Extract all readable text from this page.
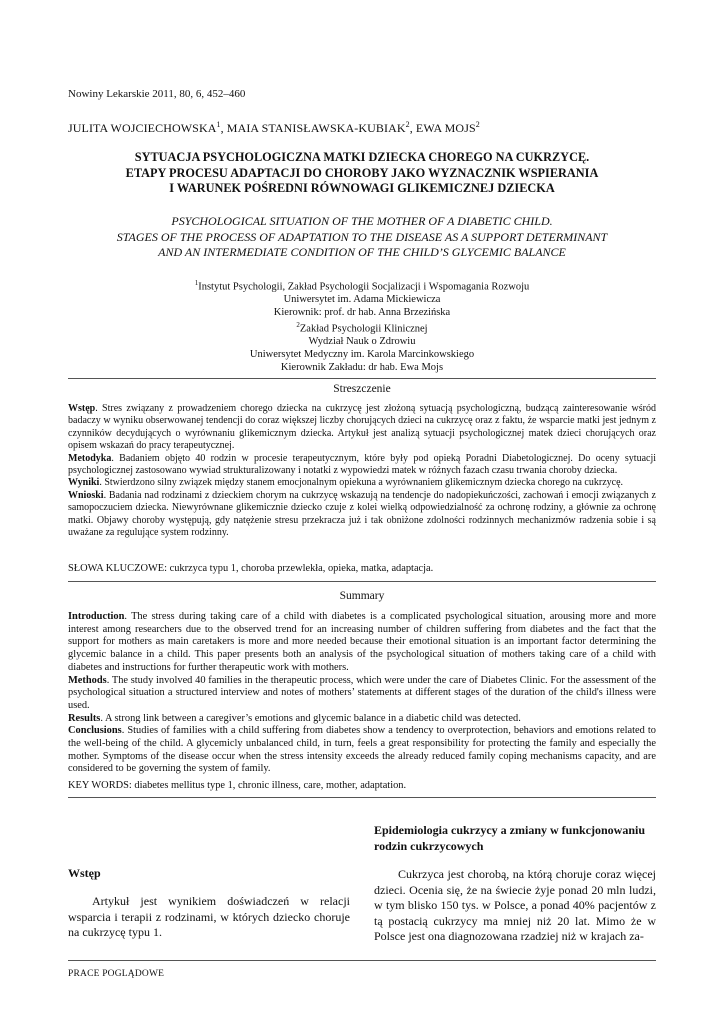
Nowiny Lekarskie 2011, 80, 6, 452–460
JULITA WOJCIECHOWSKA$^1$, MAIA STANISŁAWSKA-KUBIAK$^2$, EWA MOJS$^2$
SYTUACJA PSYCHOLOGICZNA MATKI DZIECKA CHOREGO NA CUKRZYCĘ.
ETAPY PROCESU ADAPTACJI DO CHOROBY JAKO WYZNACZNIK WSPIERANIA
I WARUNEK POŚREDNI RÓWNOWAGI GLIKEMICZNEJ DZIECKA
PSYCHOLOGICAL SITUATION OF THE MOTHER OF A DIABETIC CHILD.
STAGES OF THE PROCESS OF ADAPTATION TO THE DISEASE AS A SUPPORT DETERMINANT
AND AN INTERMEDIATE CONDITION OF THE CHILD’S GLYCEMIC BALANCE
$^1$Instytut Psychologii, Zakład Psychologii Socjalizacji i Wspomagania Rozwoju
Uniwersytet im. Adama Mickiewicza
Kierownik: prof. dr hab. Anna Brzezińska
$^2$Zakład Psychologii Klinicznej
Wydział Nauk o Zdrowiu
Uniwersytet Medyczny im. Karola Marcinkowskiego
Kierownik Zakładu: dr hab. Ewa Mojs
Streszczenie

Wstęp. Stres związany z prowadzeniem chorego dziecka na cukrzycę jest złożoną sytuacją psychologiczną, budzącą zainteresowanie wśród badaczy w wyniku obserwowanej tendencji do coraz większej liczby chorujących dzieci na cukrzycę oraz z faktu, że wsparcie matki jest jednym z czynników decydujących o wyrównaniu glikemicznym dziecka. Artykuł jest analizą sytuacji psychologicznej matek dzieci chorujących oraz opisem wskazań do pracy terapeutycznej.

Metodyka. Badaniem objęto 40 rodzin w procesie terapeutycznym, które były pod opieką Poradni Diabetologicznej. Do oceny sytuacji psychologicznej zastosowano wywiad strukturalizowany i notatki z wypowiedzi matek w różnych fazach czasu trwania choroby dziecka.

Wyniki. Stwierdzono silny związek między stanem emocjonalnym opiekuna a wyrównaniem glikemicznym dziecka chorego na cukrzycę.

Wnioski. Badania nad rodzinami z dzieckiem chorym na cukrzycę wskazują na tendencje do nadopiekuńczości, zachowań i emocji związanych z samopoczuciem dziecka. Niewyrównane glikemicznie dziecko czuje z kolei wielką odpowiedzialność za ochronę rodziny, a głównie za ochronę matki. Objawy choroby występują, gdy natężenie stresu przekracza już i tak obniżone zdolności rodzinnych mechanizmów radzenia sobie i są uważane za regulujące system rodzinny.

SŁOWA KLUCZOWE: cukrzyca typu 1, choroba przewlekła, opieka, matka, adaptacja.
Summary

Introduction. The stress during taking care of a child with diabetes is a complicated psychological situation, arousing more and more interest among researchers due to the observed trend for an increasing number of children suffering from diabetes and the fact that the support for mothers as main caretakers is more and more needed because their emotional situation is an important factor determining the glycemic balance in a child. This paper presents both an analysis of the psychological situation of mothers taking care of a child with diabetes and instructions for further therapeutic work with mothers.

Methods. The study involved 40 families in the therapeutic process, which were under the care of Diabetes Clinic. For the assessment of the psychological situation a structured interview and notes of mothers’ statements at different stages of the duration of the child's illness were used.

Results. A strong link between a caregiver’s emotions and glycemic balance in a diabetic child was detected.

Conclusions. Studies of families with a child suffering from diabetes show a tendency to overprotection, behaviors and emotions related to the well-being of the child. A glycemicly unbalanced child, in turn, feels a great responsibility for protecting the family and especially the mother. Symptoms of the disease occur when the stress intensity exceeds the already reduced family coping mechanisms capacity, and are considered to be governing the system of family.

KEY WORDS: diabetes mellitus type 1, chronic illness, care, mother, adaptation.
Wstęp

Artykuł jest wynikiem doświadczeń w relacji wsparcia i terapii z rodzinami, w których dziecko choruje na cukrzycę typu 1.

Epidemiologia cukrzycy a zmiany w funkcjonowaniu rodzin cukrzycowych

Cukrzyca jest chorobą, na którą choruje coraz więcej dzieci. Ocenia się, że na świecie żyje ponad 20 mln ludzi, w tym blisko 150 tys. w Polsce, a ponad 40% pacjentów z tą postacią cukrzycy ma mniej niż 20 lat. Mimo że w Polsce jest ona diagnozowana rzadziej niż w krajach za-

PRACE POGLĄDOWE
